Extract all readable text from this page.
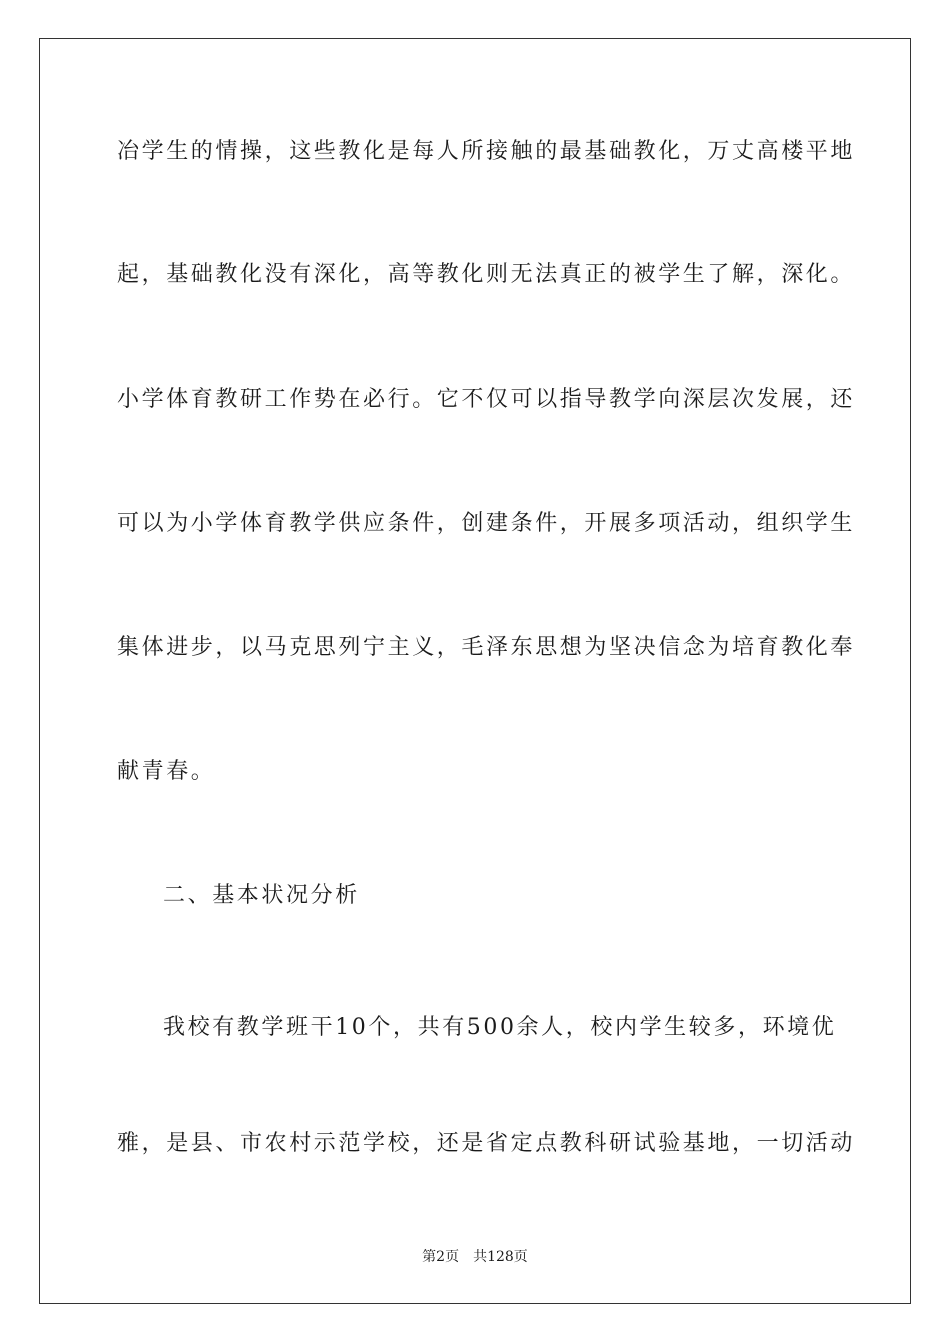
冶学生的情操，这些教化是每人所接触的最基础教化，万丈高楼平地
起，基础教化没有深化，高等教化则无法真正的被学生了解，深化。
小学体育教研工作势在必行。它不仅可以指导教学向深层次发展，还
可以为小学体育教学供应条件，创建条件，开展多项活动，组织学生
集体进步，以马克思列宁主义，毛泽东思想为坚决信念为培育教化奉
献青春。
二、基本状况分析
我校有教学班干10个，共有500余人，校内学生较多，环境优
雅，是县、市农村示范学校，还是省定点教科研试验基地，一切活动
第2页　共128页
